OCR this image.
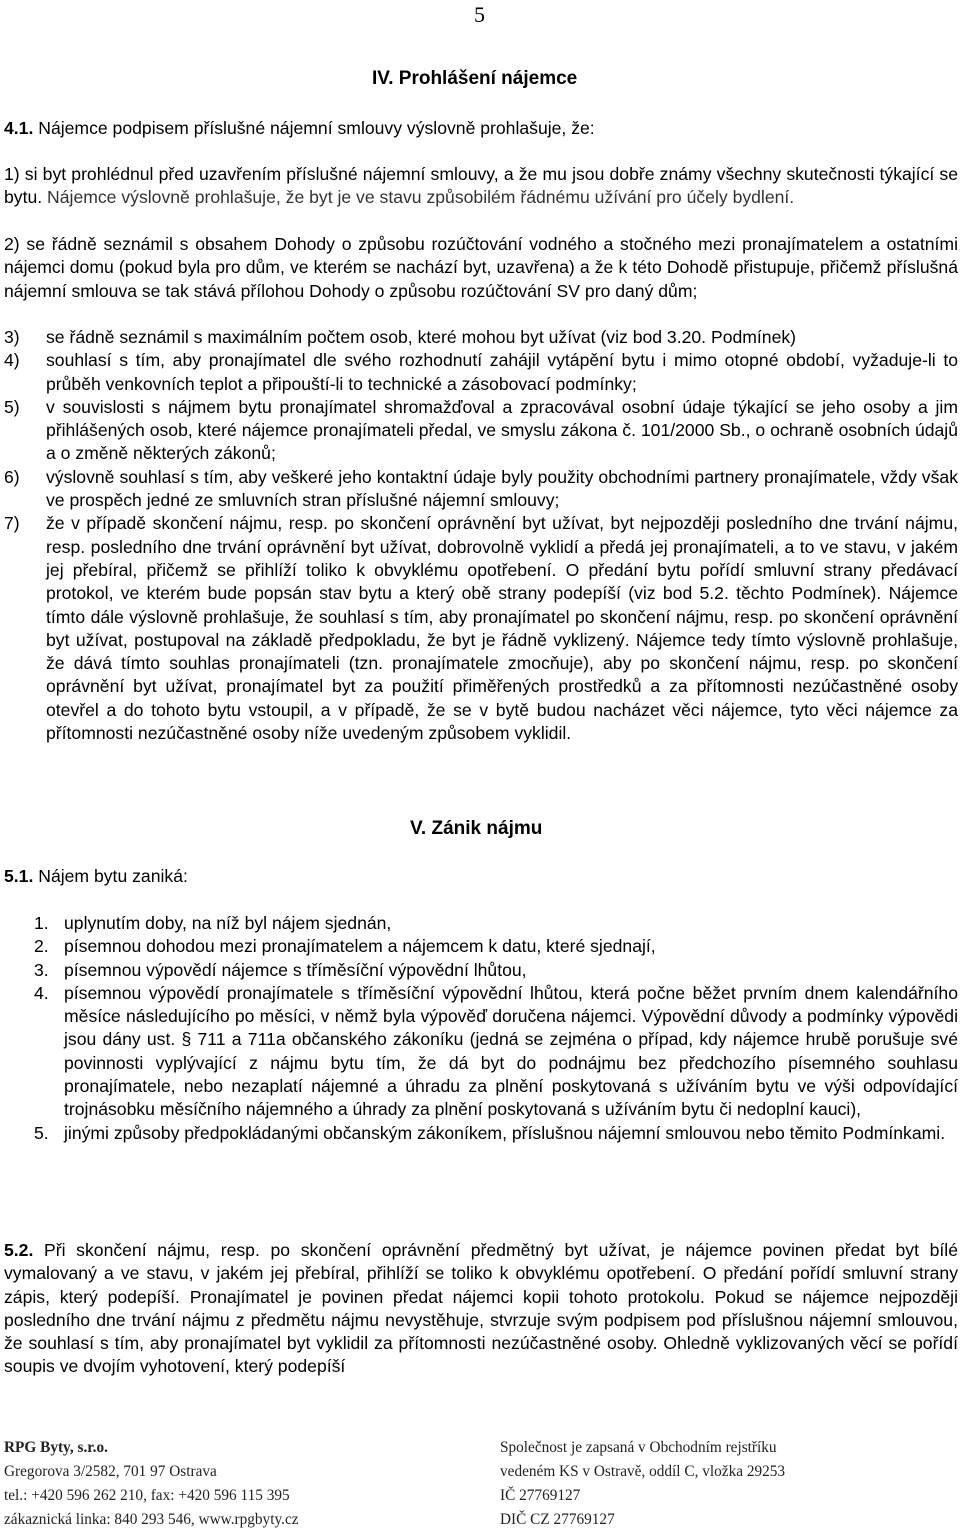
5
IV. Prohlášení nájemce
4.1. Nájemce podpisem příslušné nájemní smlouvy výslovně prohlašuje, že:
1) si byt prohlédnul před uzavřením příslušné nájemní smlouvy, a že mu jsou dobře známy všechny skutečnosti týkající se bytu. Nájemce výslovně prohlašuje, že byt je ve stavu způsobilém řádnému užívání pro účely bydlení.
2) se řádně seznámil s obsahem Dohody o způsobu rozúčtování vodného a stočného mezi pronajímatelem a ostatními nájemci domu (pokud byla pro dům, ve kterém se nachází byt, uzavřena) a že k této Dohodě přistupuje, přičemž příslušná nájemní smlouva se tak stává přílohou Dohody o způsobu rozúčtování SV pro daný dům;
3)	se řádně seznámil s maximálním počtem osob, které mohou byt užívat (viz bod 3.20. Podmínek)
4)	souhlasí s tím, aby pronajímatel dle svého rozhodnutí zahájil vytápění bytu i mimo otopné období, vyžaduje-li to průběh venkovních teplot a připouští-li to technické a zásobovací podmínky;
5)	v souvislosti s nájmem bytu pronajímatel shromažďoval a zpracovával osobní údaje týkající se jeho osoby a jim přihlášených osob, které nájemce pronajímateli předal, ve smyslu zákona č. 101/2000 Sb., o ochraně osobních údajů a o změně některých zákonů;
6)	výslovně souhlasí s tím, aby veškeré jeho kontaktní údaje byly použity obchodními partnery pronajímatele, vždy však ve prospěch jedné ze smluvních stran příslušné nájemní smlouvy;
7)	že v případě skončení nájmu, resp. po skončení oprávnění byt užívat, byt nejpozději posledního dne trvání nájmu, resp. posledního dne trvání oprávnění byt užívat, dobrovolně vyklidí a předá jej pronajímateli, a to ve stavu, v jakém jej přebíral, přičemž se přihlíží toliko k obvyklému opotřebení. O předání bytu pořídí smluvní strany předávací protokol, ve kterém bude popsán stav bytu a který obě strany podepíší (viz bod 5.2. těchto Podmínek). Nájemce tímto dále výslovně prohlašuje, že souhlasí s tím, aby pronajímatel po skončení nájmu, resp. po skončení oprávnění byt užívat, postupoval na základě předpokladu, že byt je řádně vyklizený. Nájemce tedy tímto výslovně prohlašuje, že dává tímto souhlas pronajímateli (tzn. pronajímatele zmocňuje), aby po skončení nájmu, resp. po skončení oprávnění byt užívat, pronajímatel byt za použití přiměřených prostředků a za přítomnosti nezúčastněné osoby otevřel a do tohoto bytu vstoupil, a v případě, že se v bytě budou nacházet věci nájemce, tyto věci nájemce za přítomnosti nezúčastněné osoby níže uvedeným způsobem vyklidil.
V. Zánik nájmu
5.1. Nájem bytu zaniká:
1. uplynutím doby, na níž byl nájem sjednán,
2. písemnou dohodou mezi pronajímatelem a nájemcem k datu, které sjednají,
3. písemnou výpovědí nájemce s tříměsíční výpovědní lhůtou,
4. písemnou výpovědí pronajímatele s tříměsíční výpovědní lhůtou, která počne běžet prvním dnem kalendářního měsíce následujícího po měsíci, v němž byla výpověď doručena nájemci. Výpovědní důvody a podmínky výpovědi jsou dány ust. § 711 a 711a občanského zákoníku (jedná se zejména o případ, kdy nájemce hrubě porušuje své povinnosti vyplývající z nájmu bytu tím, že dá byt do podnájmu bez předchozího písemného souhlasu pronajímatele, nebo nezaplatí nájemné a úhradu za plnění poskytovaná s užíváním bytu ve výši odpovídající trojnásobku měsíčního nájemného a úhrady za plnění poskytovaná s užíváním bytu či nedoplní kauci),
5. jinými způsoby předpokládanými občanským zákoníkem, příslušnou nájemní smlouvou nebo těmito Podmínkami.
5.2. Při skončení nájmu, resp. po skončení oprávnění předmětný byt užívat, je nájemce povinen předat byt bílé vymalovaný a ve stavu, v jakém jej přebíral, přihlíží se toliko k obvyklému opotřebení. O předání pořídí smluvní strany zápis, který podepíší. Pronajímatel je povinen předat nájemci kopii tohoto protokolu. Pokud se nájemce nejpozději posledního dne trvání nájmu z předmětu nájmu nevystěhuje, stvrzuje svým podpisem pod příslušnou nájemní smlouvou, že souhlasí s tím, aby pronajímatel byt vyklidil za přítomnosti nezúčastněné osoby. Ohledně vyklizovaných věcí se pořídí soupis ve dvojím vyhotovení, který podepíší
RPG Byty, s.r.o.
Gregorova 3/2582, 701 97 Ostrava
tel.: +420 596 262 210, fax: +420 596 115 395
zákaznická linka: 840 293 546, www.rpgbyty.cz
Společnost je zapsaná v Obchodním rejstříku
vedeném KS v Ostravě, oddíl C, vložka 29253
IČ 27769127
DIČ CZ 27769127
